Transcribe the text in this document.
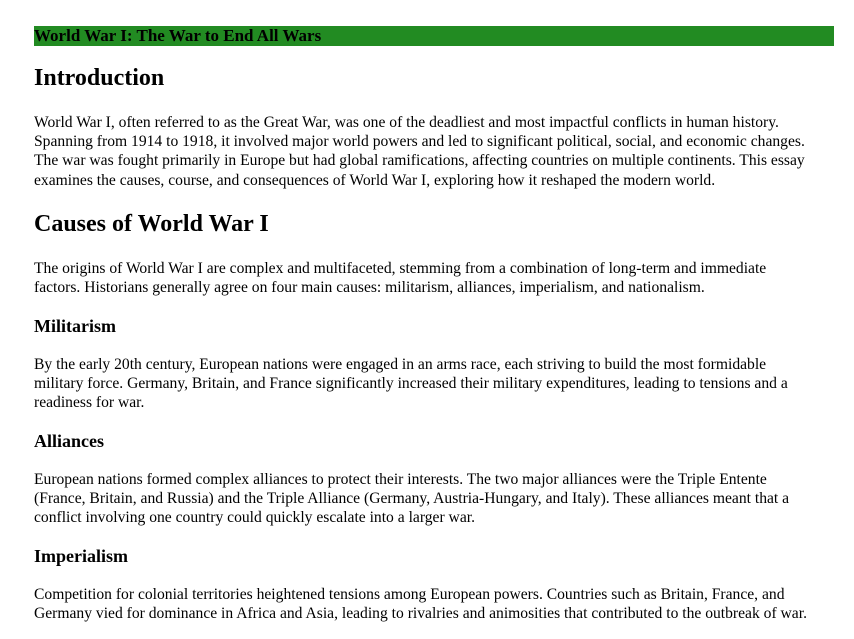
World War I: The War to End All Wars
Introduction

World War I, often referred to as the Great War, was one of the deadliest and most impactful conflicts in human history.

Spanning from 1914 to 1918, it involved major world powers and led to significant political, social, and economic changes.

The war was fought primarily in Europe but had global ramifications, affecting countries on multiple continents. This essay

examines the causes, course, and consequences of World War I, exploring how it reshaped the modern world.

Causes of World War I

The origins of World War I are complex and multifaceted, stemming from a combination of long-term and immediate

factors. Historians generally agree on four main causes: militarism, alliances, imperialism, and nationalism.

Militarism

By the early 20th century, European nations were engaged in an arms race, each striving to build the most formidable

military force. Germany, Britain, and France significantly increased their military expenditures, leading to tensions and a

readiness for war.

Alliances

European nations formed complex alliances to protect their interests. The two major alliances were the Triple Entente

(France, Britain, and Russia) and the Triple Alliance (Germany, Austria-Hungary, and Italy). These alliances meant that a

conflict involving one country could quickly escalate into a larger war.

Imperialism

Competition for colonial territories heightened tensions among European powers. Countries such as Britain, France, and

Germany vied for dominance in Africa and Asia, leading to rivalries and animosities that contributed to the outbreak of war.
